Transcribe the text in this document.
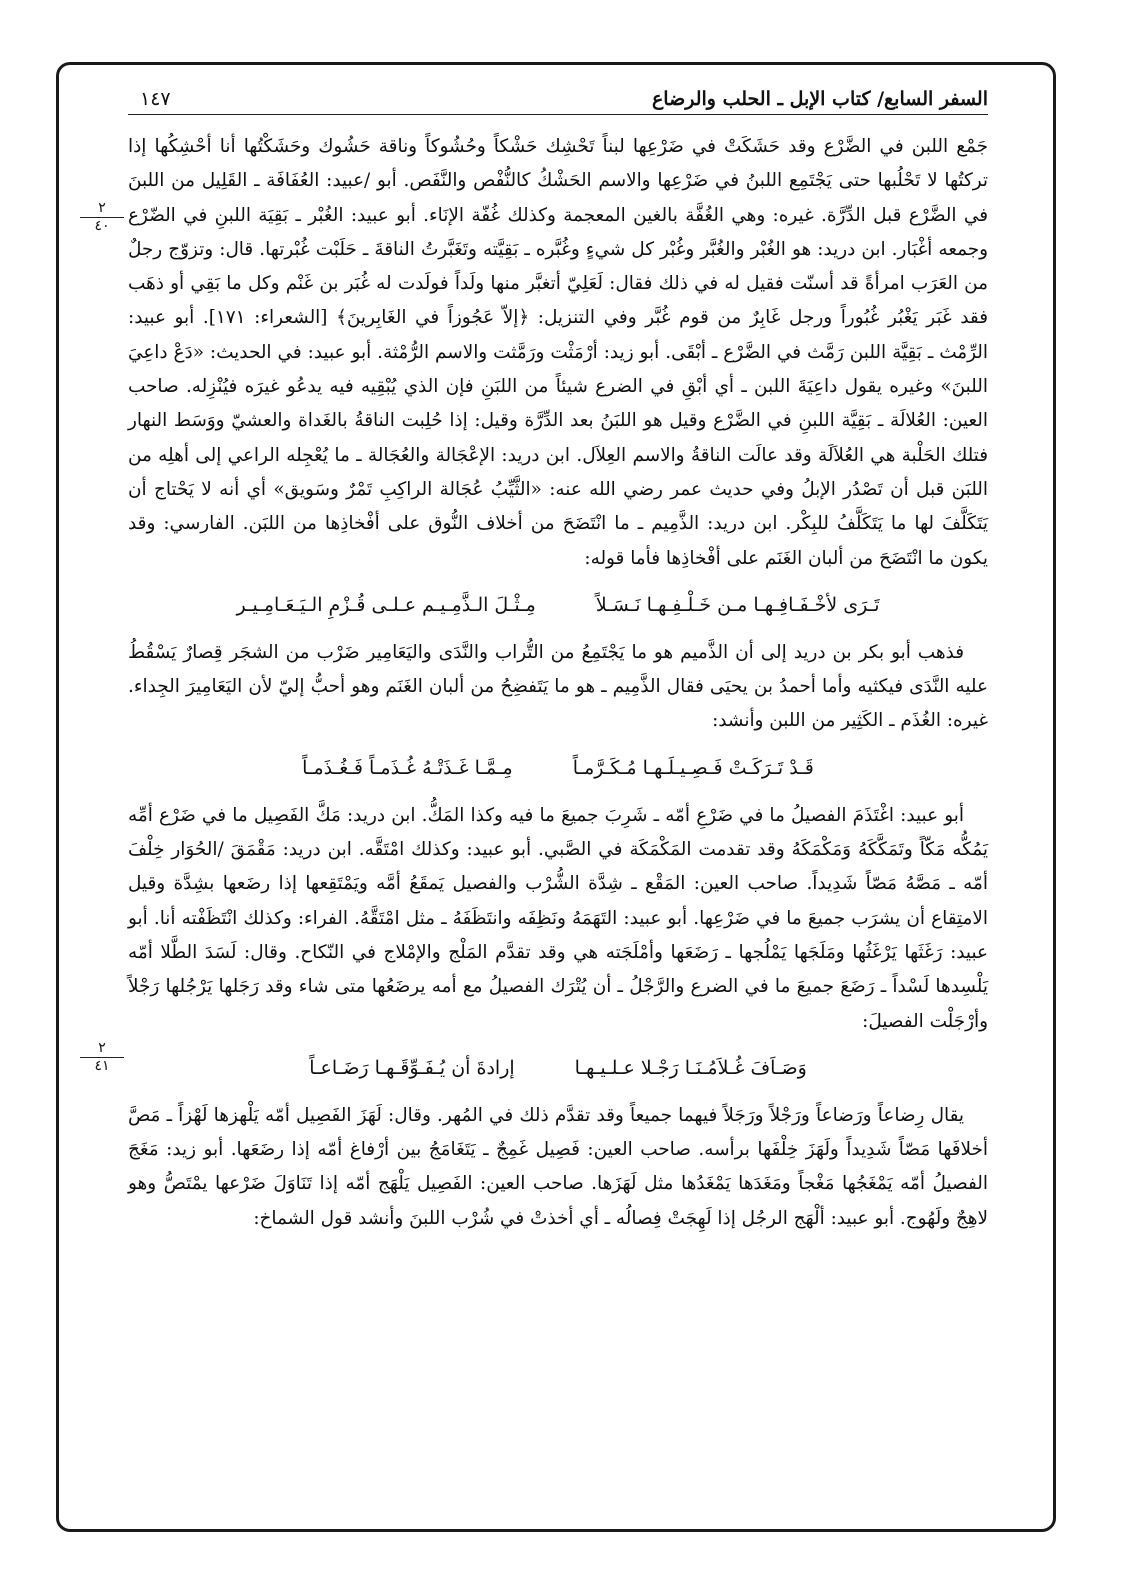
١٤٧	السفر السابع/ كتاب الإبل ـ الحلب والرضاع
٢
٤٠
٢
٤١

جَمْع اللبن في الضَّرْع وقد حَشَكَتْ في ضَرْعِها لبناً تَحْشِك حَشْكاً وحُشُوكاً وناقة حَشُوك وحَشَكْتُها أنا أحْشِكُها إذا تركتُها لا تَحْلُبها حتى يَجْتَمِع اللبنُ في ضَرْعِها والاسم الحَشْكُ كالنُّفْص والنَّفَص. أبو /عبيد: العُفَافَة ـ القَلِيل من اللبنَ في الضَّرْع قبل الدِّرَّة. غيره: وهي الغُفَّة بالغين المعجمة وكذلك غُفّة الإنَاء. أبو عبيد: الغُبْر ـ بَقِيَة اللبنِ في الضّرْع وجمعه أغْبَار. ابن دريد: هو الغُبْر والغُبَّر وغُبْر كل شيءٍ وغُبَّره ـ بَقِيَّته وتَغَبَّرتُ الناقةَ ـ حَلَبْت غُبْرتها. قال: وتزوّج رجلٌ من العَرَب امرأةً قد أسنّت فقيل له في ذلك فقال: لَعَلِيّ أتغبَّر منها ولَداً فولَدت له غُبَر بن غَنْم وكل ما بَقِي أو ذهَب فقد غَبَر يَغْبُر غُبُوراً ورجل غَابِرٌ من قوم غُبَّر وفي التنزيل: ﴿إلاّ عَجُوزاً في الغَابِرينَ﴾ [الشعراء: ١٧١]. أبو عبيد: الرِّمْث ـ بَقِيَّة اللبن رَمَّث في الضَّرْع ـ أبْقَى. أبو زيد: أرْمَثْت ورَمَّثت والاسم الرُّمْثة. أبو عبيد: في الحديث: «دَعْ داعِيَ اللبنَ» وغيره يقول داعِيَةَ اللبن ـ أي أبْقِ في الضرع شيئاً من اللبَنِ فإن الذي يُبْقِيه فيه يدعُو غيرَه فيُنْزِله. صاحب العين: العُلالَة ـ بَقِيَّة اللبنِ في الضَّرْع وقيل هو اللبَنُ بعد الدِّرَّة وقيل: إذا حُلِبت الناقةُ بالغَداة والعشيّ ووَسَط النهار فتلك الحَلْبة هي العُلاَلَة وقد عالَت الناقةُ والاسم العِلاَل. ابن دريد: الإعْجَالة والعُجَالة ـ ما يُعْجِله الراعي إلى أهلِه من اللبَن قبل أن تَصْدُر الإبلُ وفي حديث عمر رضي الله عنه: «الثَّيِّبُ عُجَالة الراكِبِ تَمْرٌ وسَويق» أي أنه لا يَحْتاج أن يَتَكَلَّفَ لها ما يَتَكَلَّفُ للبِكْر. ابن دريد: الذَّمِيم ـ ما انْتَضَحَ من أخلاف النُّوق على أفْخاذِها من اللبَن. الفارسي: وقد يكون ما انْتَضَحَ من ألبان الغَنَم على أفْخاذِها فأما قوله:

تَـرَى لأخْـفَـافِـهـا مـن خَـلْـفِـهـا نَـسَـلاً
مِـثْـلَ الـذَّمِـيـم عـلـى قُـزْمِ الـيَـعَـامِـيـر

فذهب أبو بكر بن دريد إلى أن الذَّميم هو ما يَجْتَمِعُ من التُّراب والنَّدَى واليَعَامِير ضَرْب من الشجَر قِصارٌ يَسْقُطُ عليه النَّدَى فيكثيه وأما أحمدُ بن يحيَى فقال الذَّمِيم ـ هو ما يَتَفضِحُ من ألبان الغَنَم وهو أحبُّ إليّ لأن اليَعَامِيرَ الجِداء. غيره: الغُذَم ـ الكَثِير من اللبن وأنشد:

قَـدْ تَـرَكَـتْ فَـصِـيـلَـهـا مُـكَـرَّمـاً
مِـمَّـا غَـذَتْـهُ غُـذَمـاً فَـغُـذَمـاً

أبو عبيد: اغْتَذَمَ الفصيلُ ما في ضَرْعِ أمّه ـ شَرِبَ جميعَ ما فيه وكذا المَكُّ. ابن دريد: مَكَّ الفَصِيل ما في ضَرْع أمِّه يَمُكُّه مَكّاً وتَمَكَّكَهُ وَمَكْمَكَهُ وقد تقدمت المَكْمَكَة في الصَّبي. أبو عبيد: وكذلك امْتَقَّه. ابن دريد: مَقْمَقَ /الحُوَار خِلْفَ أمّه ـ مَصَّهُ مَصّاً شَدِيداً. صاحب العين: المَقْع ـ شِدَّة الشُّرْب والفصيل يَمقَعُ أمَّه ويَمْتَقِعها إذا رضَعها بشِدَّة وقيل الامتِقاع أن يشرَب جميعَ ما في ضَرْعِها. أبو عبيد: التَهَمَهُ ونَظِفَه وانتَظَفَهُ ـ مثل امْتَقَّهُ. الفراء: وكذلك انْتَظَفْته أنا. أبو عبيد: رَغَثَها يَرْغَثُها ومَلَجَها يَمْلُجها ـ رَضَعَها وأمْلَجَته هي وقد تقدَّم المَلْج والإمْلاج في النّكاح. وقال: لَسَدَ الطَّلا أمّه يَلْسِدها لَسْداً ـ رَضَعَ جميعَ ما في الضرع والرَّجْلُ ـ أن يُتْرَك الفصيلُ مع أمه يرضَعُها متى شاء وقد رَجَلها يَرْجُلها رَجْلاً وأرْجَلْت الفصيلَ:

وَصَـاَفَ غُـلاَمُـنَـا رَجْـلا عـلـيـهـا
إرادةَ أن يُـفَـوِّقَـهـا رَضَـاعـاً

يقال رِضاعاً ورَضاعاً ورَجْلاً ورَجَلاً فيهما جميعاً وقد تقدَّم ذلك في المُهر. وقال: لَهَزَ الفَصِيل أمّه يَلْهزها لَهْزاً ـ مَصَّ أخلافَها مَصّاً شَدِيداً ولَهَزَ خِلْفَها برأسه. صاحب العين: فَصِيل غَمِجٌ ـ يَتَغَامَجُ بين أرْفاغ أمّه إذا رضَعَها. أبو زيد: مَغَجَ الفصيلُ أمّه يَمْغَجُها مَغْجاً ومَغَدَها يَمْغَدُها مثل لَهَزَها. صاحب العين: الفَصِيل يَلْهَج أمّه إذا تَنَاوَلَ ضَرْعها يمْتَصُّ وهو لاهِجٌ ولَهُوج. أبو عبيد: ألْهَج الرجُل إذا لَهِجَتْ فِصالُه ـ أي أخذتْ في شُرْب اللبنَ وأنشد قول الشماخ:
